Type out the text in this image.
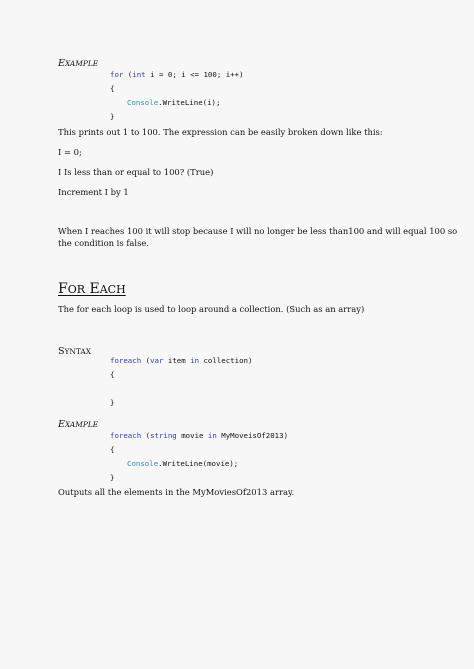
EXAMPLE
for (int i = 0; i <= 100; i++)
{
Console.WriteLine(i);
}
This prints out 1 to 100. The expression can be easily broken down like this:
I = 0;
I Is less than or equal to 100? (True)
Increment I by 1
When I reaches 100 it will stop because I will no longer be less than100 and will equal 100 so
the condition is false.
FOR EACH
The for each loop is used to loop around a collection. (Such as an array)
SYNTAX
foreach (var item in collection)
{
}
EXAMPLE
foreach (string movie in MyMoveisOf2013)
{
Console.WriteLine(movie);
}
Outputs all the elements in the MyMoviesOf2013 array.
